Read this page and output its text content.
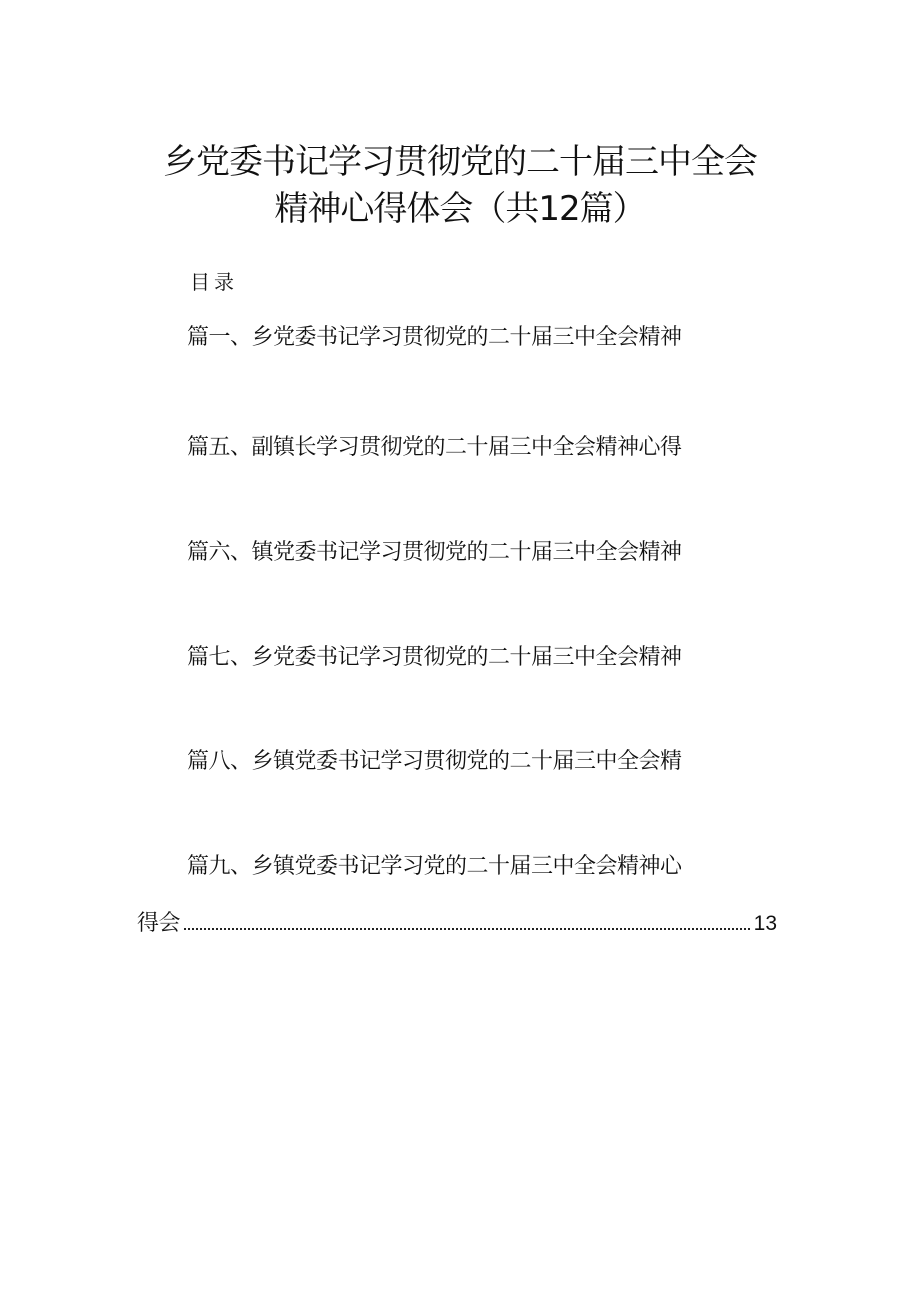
乡党委书记学习贯彻党的二十届三中全会
精神心得体会（共12篇）
目录
篇一、乡党委书记学习贯彻党的二十届三中全会精神
篇五、副镇长学习贯彻党的二十届三中全会精神心得
篇六、镇党委书记学习贯彻党的二十届三中全会精神
篇七、乡党委书记学习贯彻党的二十届三中全会精神
篇八、乡镇党委书记学习贯彻党的二十届三中全会精
篇九、乡镇党委书记学习党的二十届三中全会精神心
得会	13
